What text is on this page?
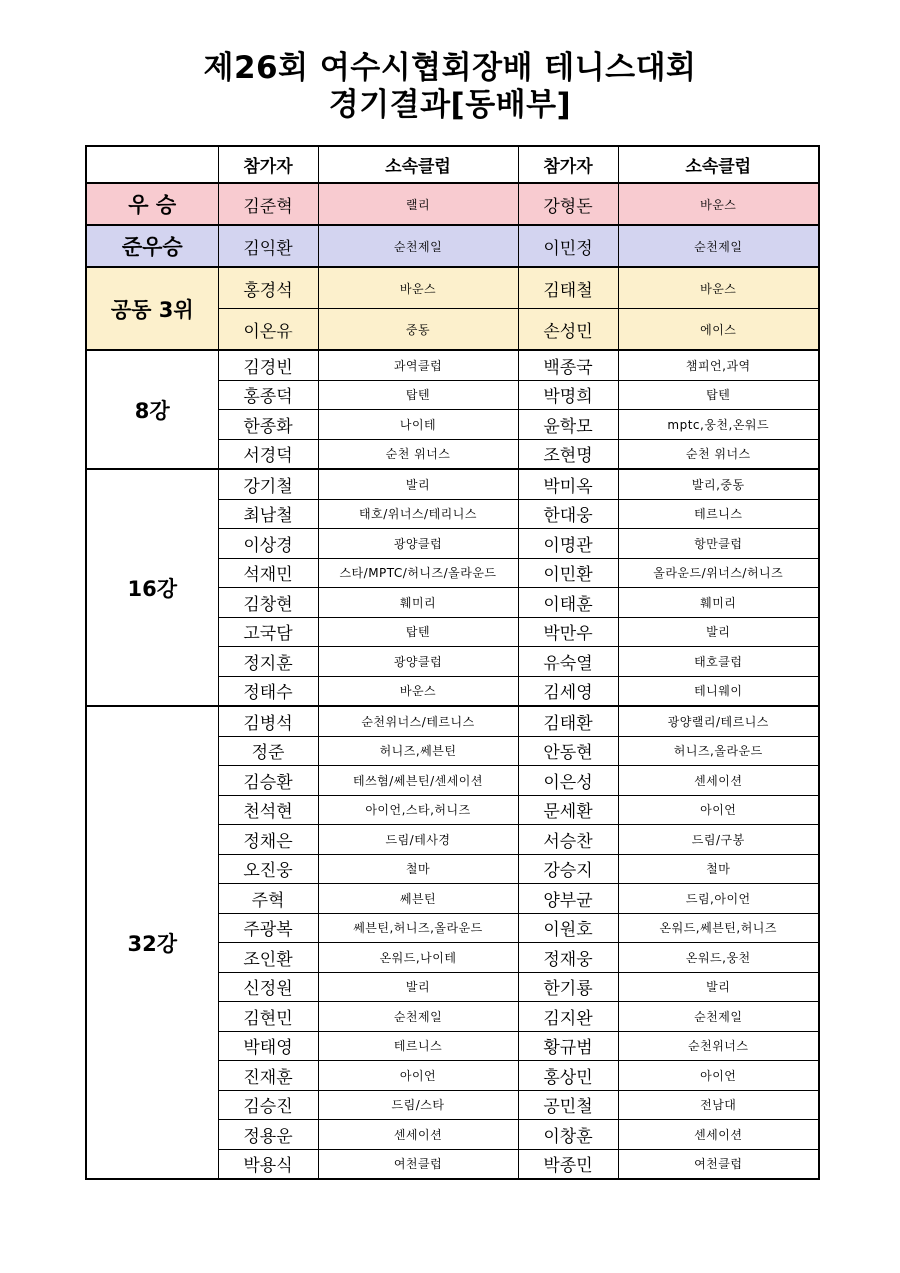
제26회 여수시협회장배 테니스대회
경기결과[동배부]
	참가자	소속클럽	참가자	소속클럽
우 승	김준혁	랠리	강형돈	바운스
준우승	김익환	순천제일	이민정	순천제일
공동 3위	홍경석	바운스	김태철	바운스
	이온유	중동	손성민	에이스
8강	김경빈	과역클럽	백종국	챔피언,과역
	홍종덕	탑텐	박명희	탑텐
	한종화	나이테	윤학모	mptc,웅천,온워드
	서경덕	순천 위너스	조현명	순천 위너스
16강	강기철	발리	박미옥	발리,중동
	최남철	태호/위너스/테리니스	한대웅	테르니스
	이상경	광양클럽	이명관	항만클럽
	석재민	스타/MPTC/허니즈/올라운드	이민환	올라운드/위너스/허니즈
	김창현	훼미리	이태훈	훼미리
	고국담	탑텐	박만우	발리
	정지훈	광양클럽	유숙열	태호클럽
	정태수	바운스	김세영	테니웨이
32강	김병석	순천위너스/테르니스	김태환	광양랠리/테르니스
	정준	허니즈,쎄븐틴	안동현	허니즈,올라운드
	김승환	테쓰혐/쎄븐틴/센세이션	이은성	센세이션
	천석현	아이언,스타,허니즈	문세환	아이언
	정채은	드림/테사경	서승찬	드림/구봉
	오진웅	철마	강승지	철마
	주혁	쎄븐틴	양부균	드림,아이언
	주광복	쎄븐틴,허니즈,올라운드	이원호	온워드,쎄븐틴,허니즈
	조인환	온워드,나이테	정재웅	온워드,웅천
	신정원	발리	한기룡	발리
	김현민	순천제일	김지완	순천제일
	박태영	테르니스	황규범	순천위너스
	진재훈	아이언	홍상민	아이언
	김승진	드림/스타	공민철	전남대
	정용운	센세이션	이창훈	센세이션
	박용식	여천클럽	박종민	여천클럽
